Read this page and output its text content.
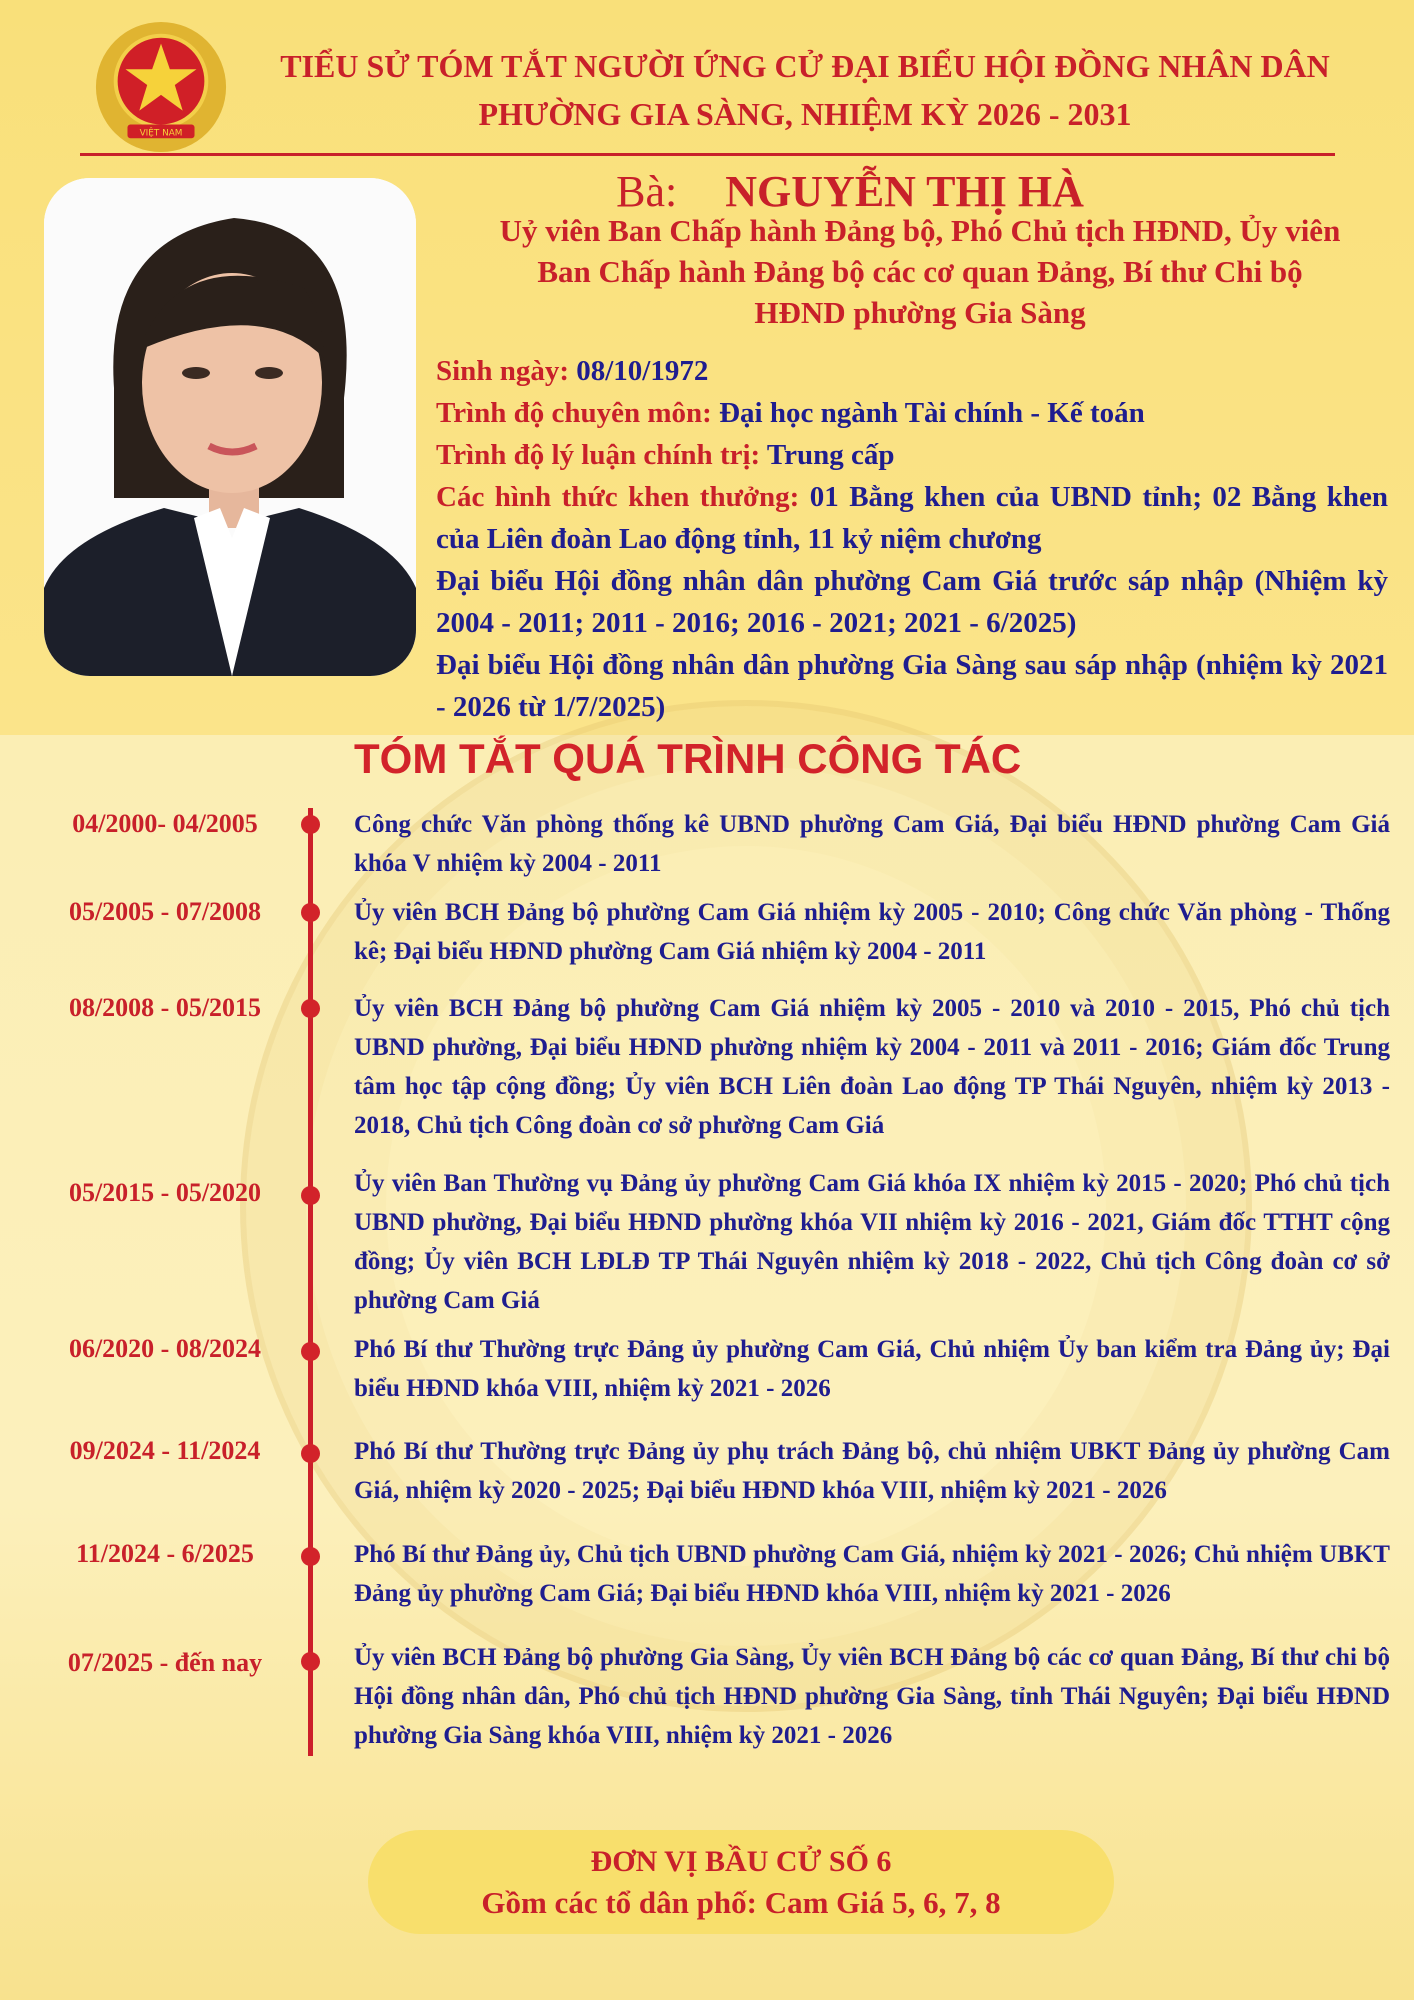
VIỆT NAM
TIỂU SỬ TÓM TẮT NGƯỜI ỨNG CỬ ĐẠI BIỂU HỘI ĐỒNG NHÂN DÂN
PHƯỜNG GIA SÀNG, NHIỆM KỲ 2026 - 2031
Bà: NGUYỄN THỊ HÀ
Uỷ viên Ban Chấp hành Đảng bộ, Phó Chủ tịch HĐND, Ủy viên
Ban Chấp hành Đảng bộ các cơ quan Đảng, Bí thư Chi bộ
HĐND phường Gia Sàng

Sinh ngày: 08/10/1972

Trình độ chuyên môn: Đại học ngành Tài chính - Kế toán

Trình độ lý luận chính trị: Trung cấp

Các hình thức khen thưởng: 01 Bằng khen của UBND tỉnh; 02 Bằng khen của Liên đoàn Lao động tỉnh, 11 kỷ niệm chương

Đại biểu Hội đồng nhân dân phường Cam Giá trước sáp nhập (Nhiệm kỳ 2004 - 2011; 2011 - 2016; 2016 - 2021; 2021 - 6/2025)

Đại biểu Hội đồng nhân dân phường Gia Sàng sau sáp nhập (nhiệm kỳ 2021 - 2026 từ 1/7/2025)

TÓM TẮT QUÁ TRÌNH CÔNG TÁC
04/2000- 04/2005	Công chức Văn phòng thống kê UBND phường Cam Giá, Đại biểu HĐND phường Cam Giá khóa V nhiệm kỳ 2004 - 2011
05/2005 - 07/2008	Ủy viên BCH Đảng bộ phường Cam Giá nhiệm kỳ 2005 - 2010; Công chức Văn phòng - Thống kê; Đại biểu HĐND phường Cam Giá nhiệm kỳ 2004 - 2011
08/2008 - 05/2015	Ủy viên BCH Đảng bộ phường Cam Giá nhiệm kỳ 2005 - 2010 và 2010 - 2015, Phó chủ tịch UBND phường, Đại biểu HĐND phường nhiệm kỳ 2004 - 2011 và 2011 - 2016; Giám đốc Trung tâm học tập cộng đồng; Ủy viên BCH Liên đoàn Lao động TP Thái Nguyên, nhiệm kỳ 2013 - 2018, Chủ tịch Công đoàn cơ sở phường Cam Giá
05/2015 - 05/2020	Ủy viên Ban Thường vụ Đảng ủy phường Cam Giá khóa IX nhiệm kỳ 2015 - 2020; Phó chủ tịch UBND phường, Đại biểu HĐND phường khóa VII nhiệm kỳ 2016 - 2021, Giám đốc TTHT cộng đồng; Ủy viên BCH LĐLĐ TP Thái Nguyên nhiệm kỳ 2018 - 2022, Chủ tịch Công đoàn cơ sở phường Cam Giá
06/2020 - 08/2024	Phó Bí thư Thường trực Đảng ủy phường Cam Giá, Chủ nhiệm Ủy ban kiểm tra Đảng ủy; Đại biểu HĐND khóa VIII, nhiệm kỳ 2021 - 2026
09/2024 - 11/2024	Phó Bí thư Thường trực Đảng ủy phụ trách Đảng bộ, chủ nhiệm UBKT Đảng ủy phường Cam Giá, nhiệm kỳ 2020 - 2025; Đại biểu HĐND khóa VIII, nhiệm kỳ 2021 - 2026
11/2024 - 6/2025	Phó Bí thư Đảng ủy, Chủ tịch UBND phường Cam Giá, nhiệm kỳ 2021 - 2026; Chủ nhiệm UBKT Đảng ủy phường Cam Giá; Đại biểu HĐND khóa VIII, nhiệm kỳ 2021 - 2026
07/2025 - đến nay	Ủy viên BCH Đảng bộ phường Gia Sàng, Ủy viên BCH Đảng bộ các cơ quan Đảng, Bí thư chi bộ Hội đồng nhân dân, Phó chủ tịch HĐND phường Gia Sàng, tỉnh Thái Nguyên; Đại biểu HĐND phường Gia Sàng khóa VIII, nhiệm kỳ 2021 - 2026
ĐƠN VỊ BẦU CỬ SỐ 6
Gồm các tổ dân phố: Cam Giá 5, 6, 7, 8
